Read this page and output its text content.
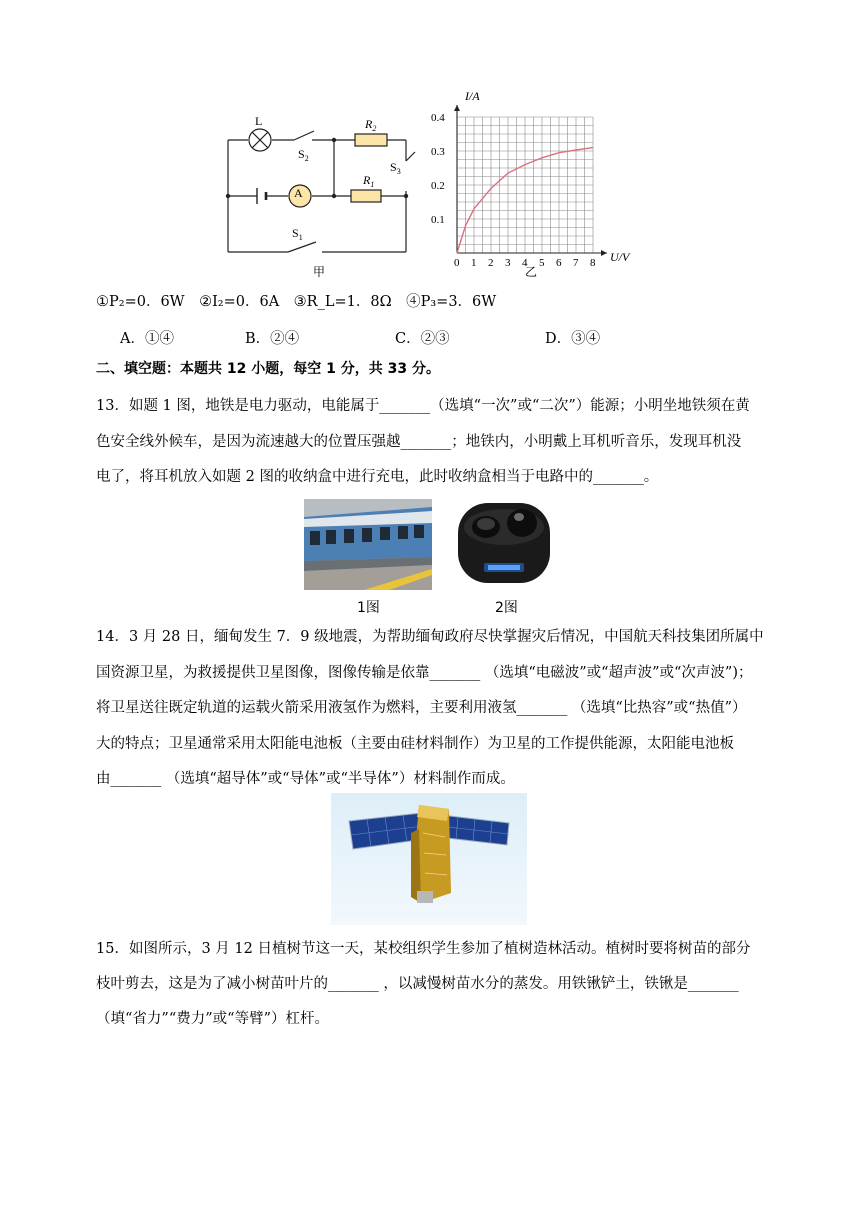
L
A
$S_2$
$S_3$
$S_1$
$R_2$
$R_1$
甲
0 1 2 3 4 5 6 7 8
0.1
0.2
0.3
0.4
I/A
U/V
乙
①P₂=0．6W　②I₂=0．6A　③R_L=1．8Ω　④P₃=3．6W
A．①④	B．②④	C．②③	D．③④
二、填空题：本题共 12 小题，每空 1 分，共 33 分。
13．如题 1 图，地铁是电力驱动，电能属于_______（选填“一次”或“二次”）能源；小明坐地铁须在黄
色安全线外候车，是因为流速越大的位置压强越_______；地铁内，小明戴上耳机听音乐，发现耳机没
电了，将耳机放入如题 2 图的收纳盒中进行充电，此时收纳盒相当于电路中的_______。
1图	2图
14．3 月 28 日，缅甸发生 7．9 级地震，为帮助缅甸政府尽快掌握灾后情况，中国航天科技集团所属中
国资源卫星，为救援提供卫星图像，图像传输是依靠_______ （选填“电磁波”或“超声波”或“次声波”)；
将卫星送往既定轨道的运载火箭采用液氢作为燃料，主要利用液氢_______ （选填“比热容”或“热值”）
大的特点；卫星通常采用太阳能电池板（主要由硅材料制作）为卫星的工作提供能源，太阳能电池板
由_______ （选填“超导体”或“导体”或“半导体”）材料制作而成。
15．如图所示，3 月 12 日植树节这一天，某校组织学生参加了植树造林活动。植树时要将树苗的部分
枝叶剪去，这是为了减小树苗叶片的_______ ，以减慢树苗水分的蒸发。用铁锹铲土，铁锹是_______
（填“省力”“费力”或“等臂”）杠杆。
